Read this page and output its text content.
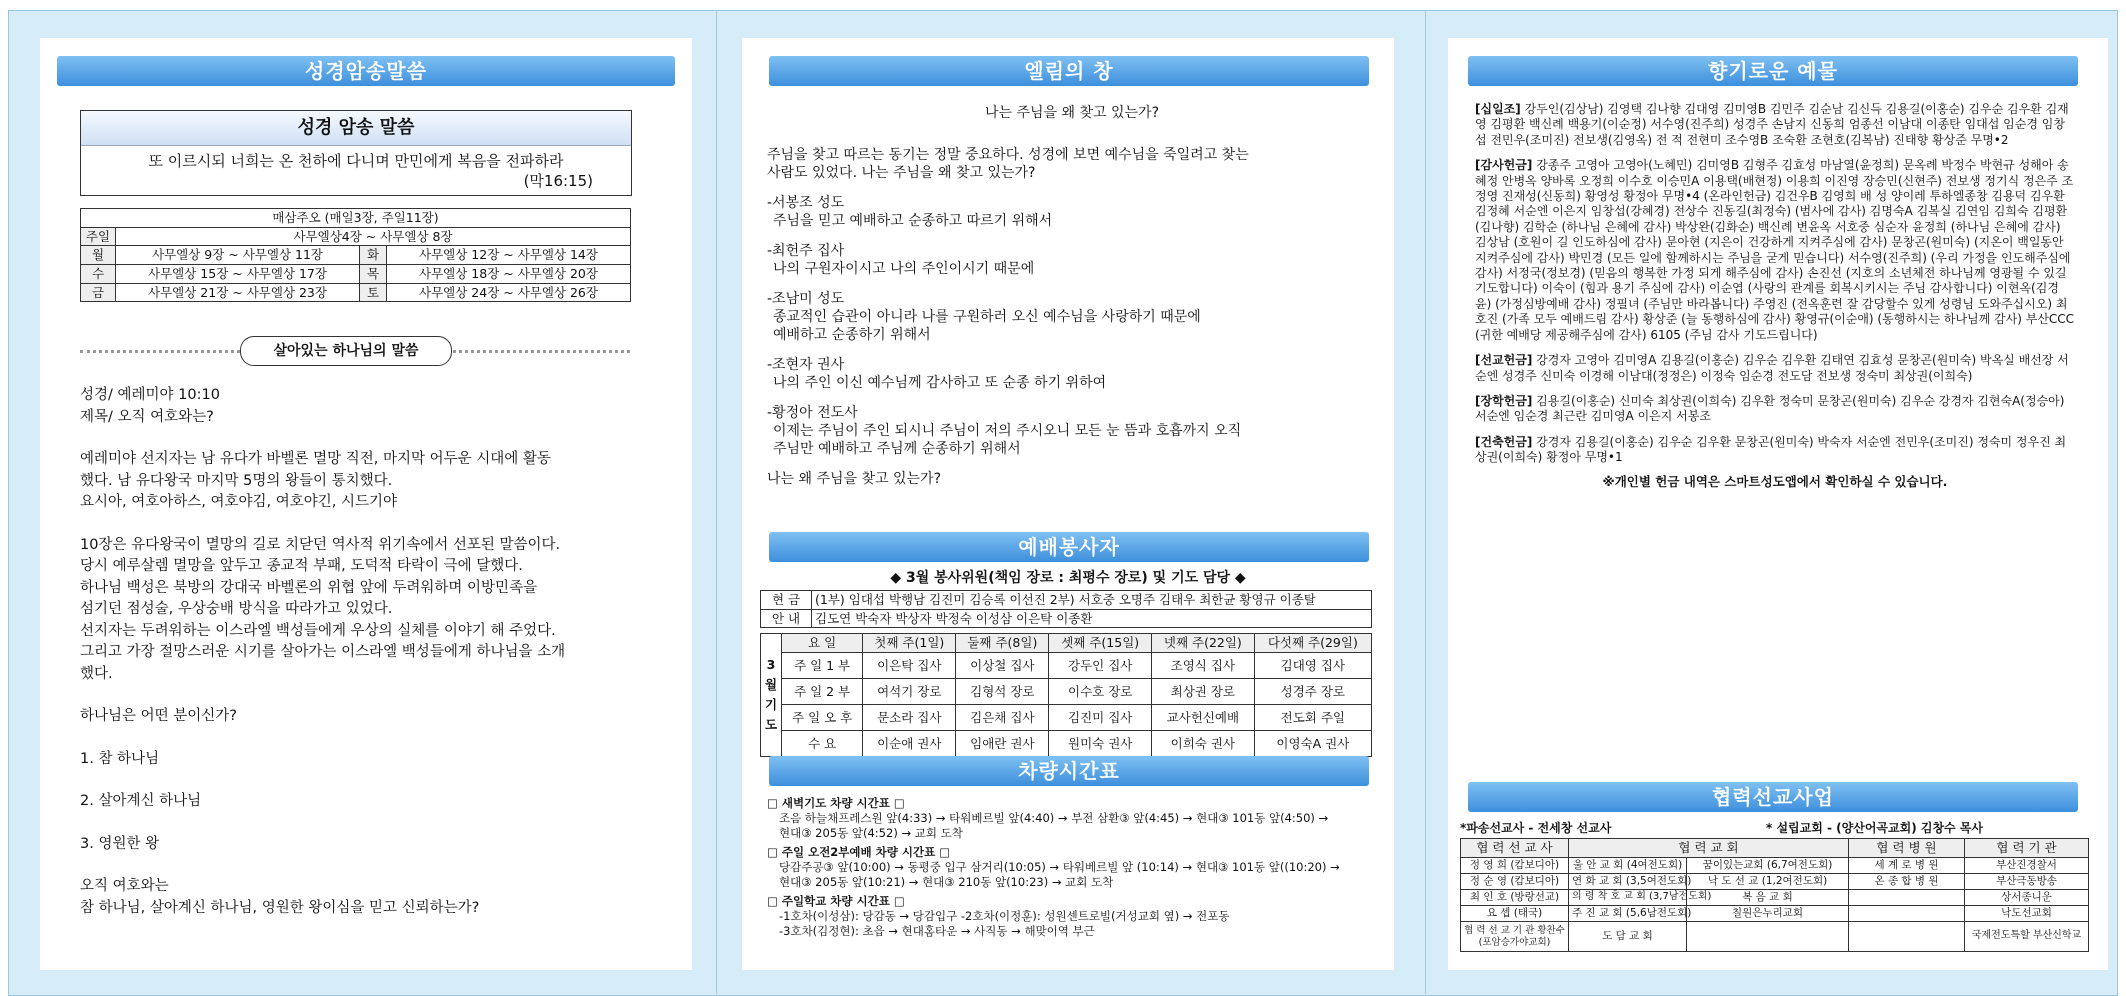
성경암송말씀
성경 암송 말씀
또 이르시되 너희는 온 천하에 다니며 만민에게 복음을 전파하라
(막16:15)
매삼주오 (매일3장, 주일11장)			
주일	사무엘상4장 ~ 사무엘상 8장		
월	사무엘상 9장 ~ 사무엘상 11장	화	사무엘상 12장 ~ 사무엘상 14장
수	사무엘상 15장 ~ 사무엘상 17장	목	사무엘상 18장 ~ 사무엘상 20장
금	사무엘상 21장 ~ 사무엘상 23장	토	사무엘상 24장 ~ 사무엘상 26장
살아있는 하나님의 말씀

성경/ 예레미야 10:10

제목/ 오직 여호와는?

예레미야 선지자는 남 유다가 바벨론 멸망 직전, 마지막 어두운 시대에 활동

했다. 남 유다왕국 마지막 5명의 왕들이 통치했다.

요시아, 여호아하스, 여호야김, 여호야긴, 시드기야

10장은 유다왕국이 멸망의 길로 치닫던 역사적 위기속에서 선포된 말씀이다.

당시 예루살렘 멸망을 앞두고 종교적 부패, 도덕적 타락이 극에 달했다.

하나님 백성은 북방의 강대국 바벨론의 위협 앞에 두려워하며 이방민족을

섬기던 점성술, 우상숭배 방식을 따라가고 있었다.

선지자는 두려워하는 이스라엘 백성들에게 우상의 실체를 이야기 해 주었다.

그리고 가장 절망스러운 시기를 살아가는 이스라엘 백성들에게 하나님을 소개

했다.

하나님은 어떤 분이신가?

1. 참 하나님

2. 살아계신 하나님

3. 영원한 왕

오직 여호와는

참 하나님, 살아계신 하나님, 영원한 왕이심을 믿고 신뢰하는가?

엘림의 창

나는 주님을 왜 찾고 있는가?

주님을 찾고 따르는 동기는 정말 중요하다. 성경에 보면 예수님을 죽일려고 찾는

사람도 있었다. 나는 주님을 왜 찾고 있는가?

-서봉조 성도

주님을 믿고 예배하고 순종하고 따르기 위해서

-최헌주 집사

나의 구원자이시고 나의 주인이시기 때문에

-조남미 성도

종교적인 습관이 아니라 나를 구원하러 오신 예수님을 사랑하기 때문에

예배하고 순종하기 위해서

-조현자 권사

나의 주인 이신 예수님께 감사하고 또 순종 하기 위하여

-황정아 전도사

이제는 주님이 주인 되시니 주님이 저의 주시오니 모든 눈 뜸과 호흡까지 오직

주님만 예배하고 주님께 순종하기 위해서

나는 왜 주님을 찾고 있는가?

예배봉사자
◆ 3월 봉사위원(책임 장로 : 최평수 장로) 및 기도 담당 ◆
현 금	(1부) 임대섭 박행남 김진미 김승록 이선진 2부) 서호중 오명주 김태우 최한균 황영규 이종탈
안 내	김도연 박숙자 박상자 박정숙 이성삼 이은탁 이종환
3월기도	요 일	첫째 주(1일)	둘째 주(8일)	셋째 주(15일)	넷째 주(22일)	다섯째 주(29일)
	주 일 1 부	이은탁 집사	이상철 집사	강두인 집사	조영식 집사	김대영 집사
	주 일 2 부	여석기 장로	김형석 장로	이수호 장로	최상권 장로	성경주 장로
	주 일 오 후	문소라 집사	김은채 집사	김진미 집사	교사헌신예배	전도회 주일
	수 요	이순애 권사	임애란 권사	원미숙 권사	이희숙 권사	이영숙A 권사
차량시간표

□ 새벽기도 차량 시간표 □

조음 하늘채프레스원 앞(4:33) → 타워베르빌 앞(4:40) → 부전 삼환③ 앞(4:45) → 현대③ 101동 앞(4:50) →

현대③ 205동 앞(4:52) → 교회 도착

□ 주일 오전2부예배 차량 시간표 □

당감주공③ 앞(10:00) → 동평중 입구 삼거리(10:05) → 타워베르빌 앞 (10:14) → 현대③ 101동 앞((10:20) →

현대③ 205동 앞(10:21) → 현대③ 210동 앞(10:23) → 교회 도착

□ 주일학교 차량 시간표 □

-1호차(이성삼): 당감동 → 당감입구 -2호차(이정훈): 성원센트로빌(거성교회 옆) → 전포동

-3호차(김정현): 초읍 → 현대홈타운 → 사직동 → 해맞이역 부근

향기로운 예물

[십일조] 강두인(김상남) 김영택 김나향 김대영 김미영B 김민주 김순남 김신득 김용길(이홍순) 김우순 김우환 김재영 김평환 백신례 백용기(이순정) 서수영(진주희) 성경주 손남지 신동희 엄종선 이남대 이종탄 임대섭 임순경 임창섭 전민우(조미진) 전보생(김영옥) 전 적 전현미 조수영B 조숙환 조현호(김복남) 진태향 황상준 무명•2

[감사헌금] 강종주 고영아 고영아(노혜민) 김미영B 김형주 김효성 마남열(윤정희) 문옥례 박정수 박현규 성해아 송혜정 안병옥 양바록 오정희 이수호 이승민A 이용택(배현정) 이용희 이진영 장승민(신현주) 전보생 정기식 정은주 조정영 진재성(신동희) 황영성 황정아 무명•4 (온라인헌금) 김건우B 김영희 배 성 양이레 투하엘종창 김용덕 김우환 김정혜 서순엔 이은지 임창섭(강혜경) 전상수 진동길(최정숙) (범사에 감사) 김명숙A 김복실 김연임 김희숙 김평환(김나향) 김학순 (하나님 은혜에 감사) 박상완(김화순) 백신례 변윤옥 서호중 심순자 윤정희 (하나님 은혜에 감사) 김상남 (호원이 길 인도하심에 감사) 문아현 (지은이 건강하게 지켜주심에 감사) 문창곤(원미숙) (지온이 백일동안 지켜주심에 감사) 박민경 (모든 일에 함께하시는 주님을 굳게 믿습니다) 서수영(진주희) (우리 가정을 인도해주심에 감사) 서정국(정보경) (믿음의 행복한 가정 되게 해주심에 감사) 손진선 (지호의 소년체전 하나님께 영광될 수 있길 기도합니다) 이숙이 (힘과 용기 주심에 감사) 이순엽 (사랑의 관계를 회복시키시는 주님 감사합니다) 이현옥(김경윤) (가정심방예배 감사) 정필녀 (주님만 바라봅니다) 주영진 (전옥훈련 잘 감당할수 있게 성령님 도와주십시오) 최호진 (가족 모두 예배드림 감사) 황상준 (늘 동행하심에 감사) 황영규(이순애) (동행하시는 하나님께 감사) 부산CCC (귀한 예배당 제공해주심에 감사) 6105 (주님 감사 기도드립니다)

[선교헌금] 강경자 고영아 김미영A 김용길(이홍순) 김우순 김우환 김태연 김효성 문창곤(원미숙) 박옥실 배선장 서순엔 성경주 신미숙 이경해 이남대(정정은) 이정숙 임순경 전도담 전보생 정숙미 최상권(이희숙)

[장학헌금] 김용길(이홍순) 신미숙 최상권(이희숙) 김우환 정숙미 문창곤(원미숙) 김우순 강경자 김현숙A(정승아) 서순엔 임순경 최근란 김미영A 이은지 서봉조

[건축헌금] 강경자 김용길(이홍순) 김우순 김우환 문창곤(원미숙) 박숙자 서순엔 전민우(조미진) 정숙미 정우진 최상권(이희숙) 황정아 무명•1

※개인별 헌금 내역은 스마트성도앱에서 확인하실 수 있습니다.

협력선교사업
*파송선교사 - 전세창 선교사	* 설립교회 - (양산어곡교회) 김창수 목사
협 력 선 교 사	협 력 교 회		협 력 병 원	협 력 기 관
정 영 희 (캄보디아)	울 안 교 회 (4여전도회)	꿈이있는교회 (6,7여전도회)	세 계 로 병 원	부산진경찰서
정 순 영 (캄보디아)	연 화 교 회 (3,5여전도회)	낙 도 선 교 (1,2여전도회)	온 종 합 병 원	부산극동방송
최 인 호 (방랑선교)	의 령 착 호 교 회 (3,7남전도회)	복 음 교 회		상서종니운
요 셉 (태국)	주 진 교 회 (5,6남전도회)	칠원은누리교회		낙도선교회
협 력 선 교 기 관 황찬수(포암승가야교회)	도 담 교 회			국제전도특할 부산신학교
